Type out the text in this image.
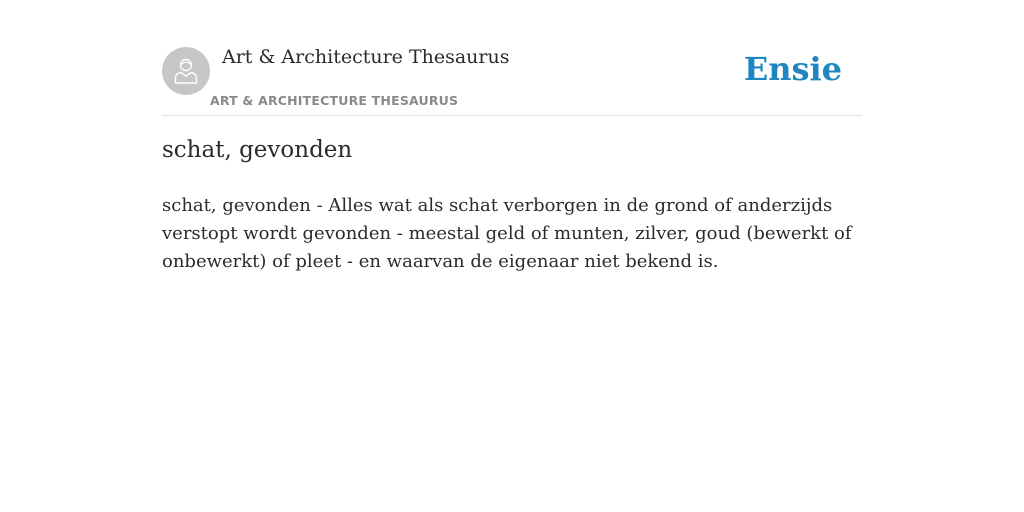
Art & Architecture Thesaurus
ART & ARCHITECTURE THESAURUS
Ensie
schat, gevonden

schat, gevonden - Alles wat als schat verborgen in de grond of anderzijds verstopt wordt gevonden - meestal geld of munten, zilver, goud (bewerkt of onbewerkt) of pleet - en waarvan de eigenaar niet bekend is.
